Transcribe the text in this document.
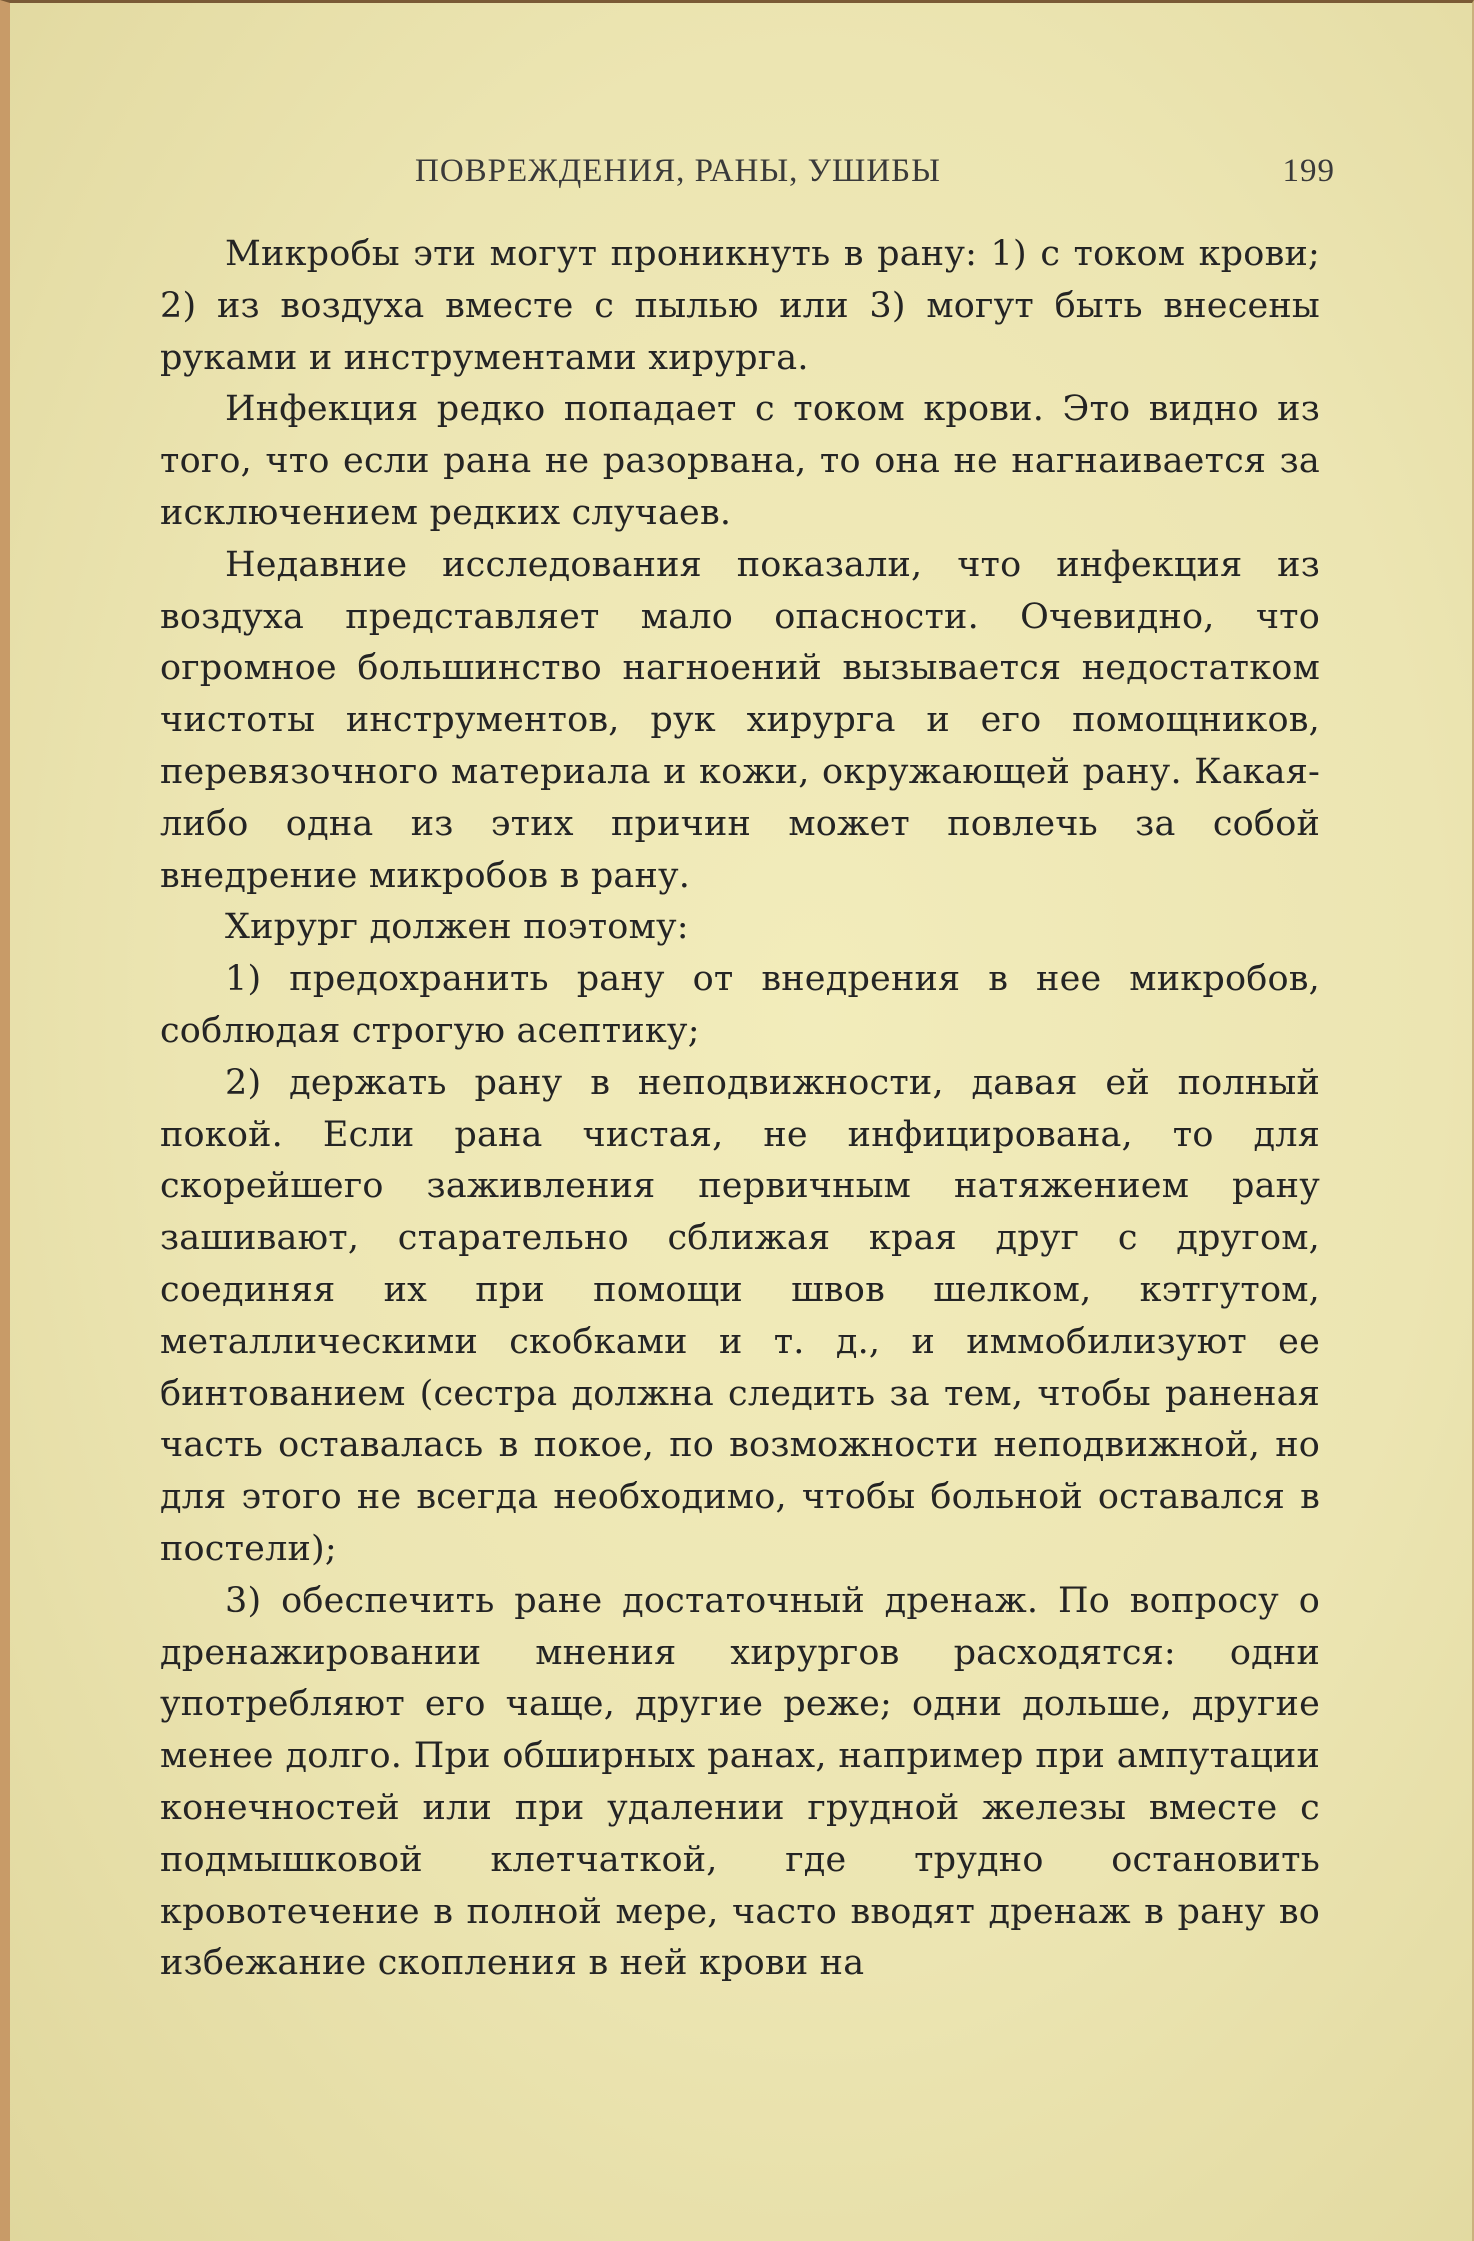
ПОВРЕЖДЕНИЯ, РАНЫ, УШИБЫ	199

Микробы эти могут проникнуть в рану: 1) с током крови; 2) из воздуха вместе с пылью или 3) могут быть внесены руками и инструментами хирурга.

Инфекция редко попадает с током крови. Это видно из того, что если рана не разорвана, то она не нагнаивается за исключением редких случаев.

Недавние исследования показали, что инфекция из воздуха представляет мало опасности. Очевидно, что огромное большинство нагноений вызывается недостатком чистоты инструментов, рук хирурга и его помощников, перевязочного материала и кожи, окружающей рану. Какая-либо одна из этих причин может повлечь за собой внедрение микробов в рану.

Хирург должен поэтому:

1) предохранить рану от внедрения в нее микробов, соблюдая строгую асептику;

2) держать рану в неподвижности, давая ей полный покой. Если рана чистая, не инфицирована, то для скорейшего заживления первичным натяжением рану зашивают, старательно сближая края друг с другом, соединяя их при помощи швов шелком, кэтгутом, металлическими скобками и т. д., и иммобилизуют ее бинтованием (сестра должна следить за тем, чтобы раненая часть оставалась в покое, по возможности неподвижной, но для этого не всегда необходимо, чтобы больной оставался в постели);

3) обеспечить ране достаточный дренаж. По вопросу о дренажировании мнения хирургов расходятся: одни употребляют его чаще, другие реже; одни дольше, другие менее долго. При обширных ранах, например при ампутации конечностей или при удалении грудной железы вместе с подмышковой клетчаткой, где трудно остановить кровотечение в полной мере, часто вводят дренаж в рану во избежание скопления в ней крови на
